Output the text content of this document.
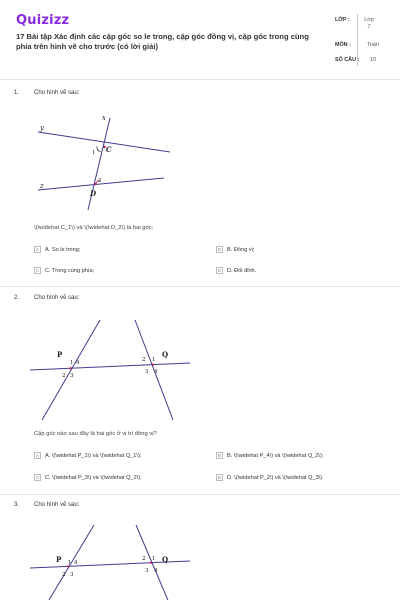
Quizizz
17 Bài tập Xác định các cặp góc so le trong, cặp góc đồng vị, cặp góc trong cùng phía trên hình vẽ cho trước (có lời giải)
LỚP :	Lớp 7
MÔN :	Toán
SỐ CÂU :	10
1. Cho hình vẽ sau:
x
y
z
C
D
1
2
\(\widehat C_1\) và \(\widehat D_2\) là hai góc:
A	A. So le trong;	B	B. Đồng vị;
C	C. Trong cùng phía;	D	D. Đối đỉnh.
2. Cho hình vẽ sau:
P	Q
1 4
2 3
2 1
3 4
Cặp góc nào sau đây là hai góc ở vị trí đồng vị?
A	A. \(\widehat P_1\) và \(\widehat Q_1\);	B	B. \(\widehat P_4\) và \(\widehat Q_2\);
C	C. \(\widehat P_3\) và \(\widehat Q_2\);	D	D. \(\widehat P_2\) và \(\widehat Q_3\).
3. Cho hình vẽ sau:
P	Q
1 4
2 3
2 1
3 4
